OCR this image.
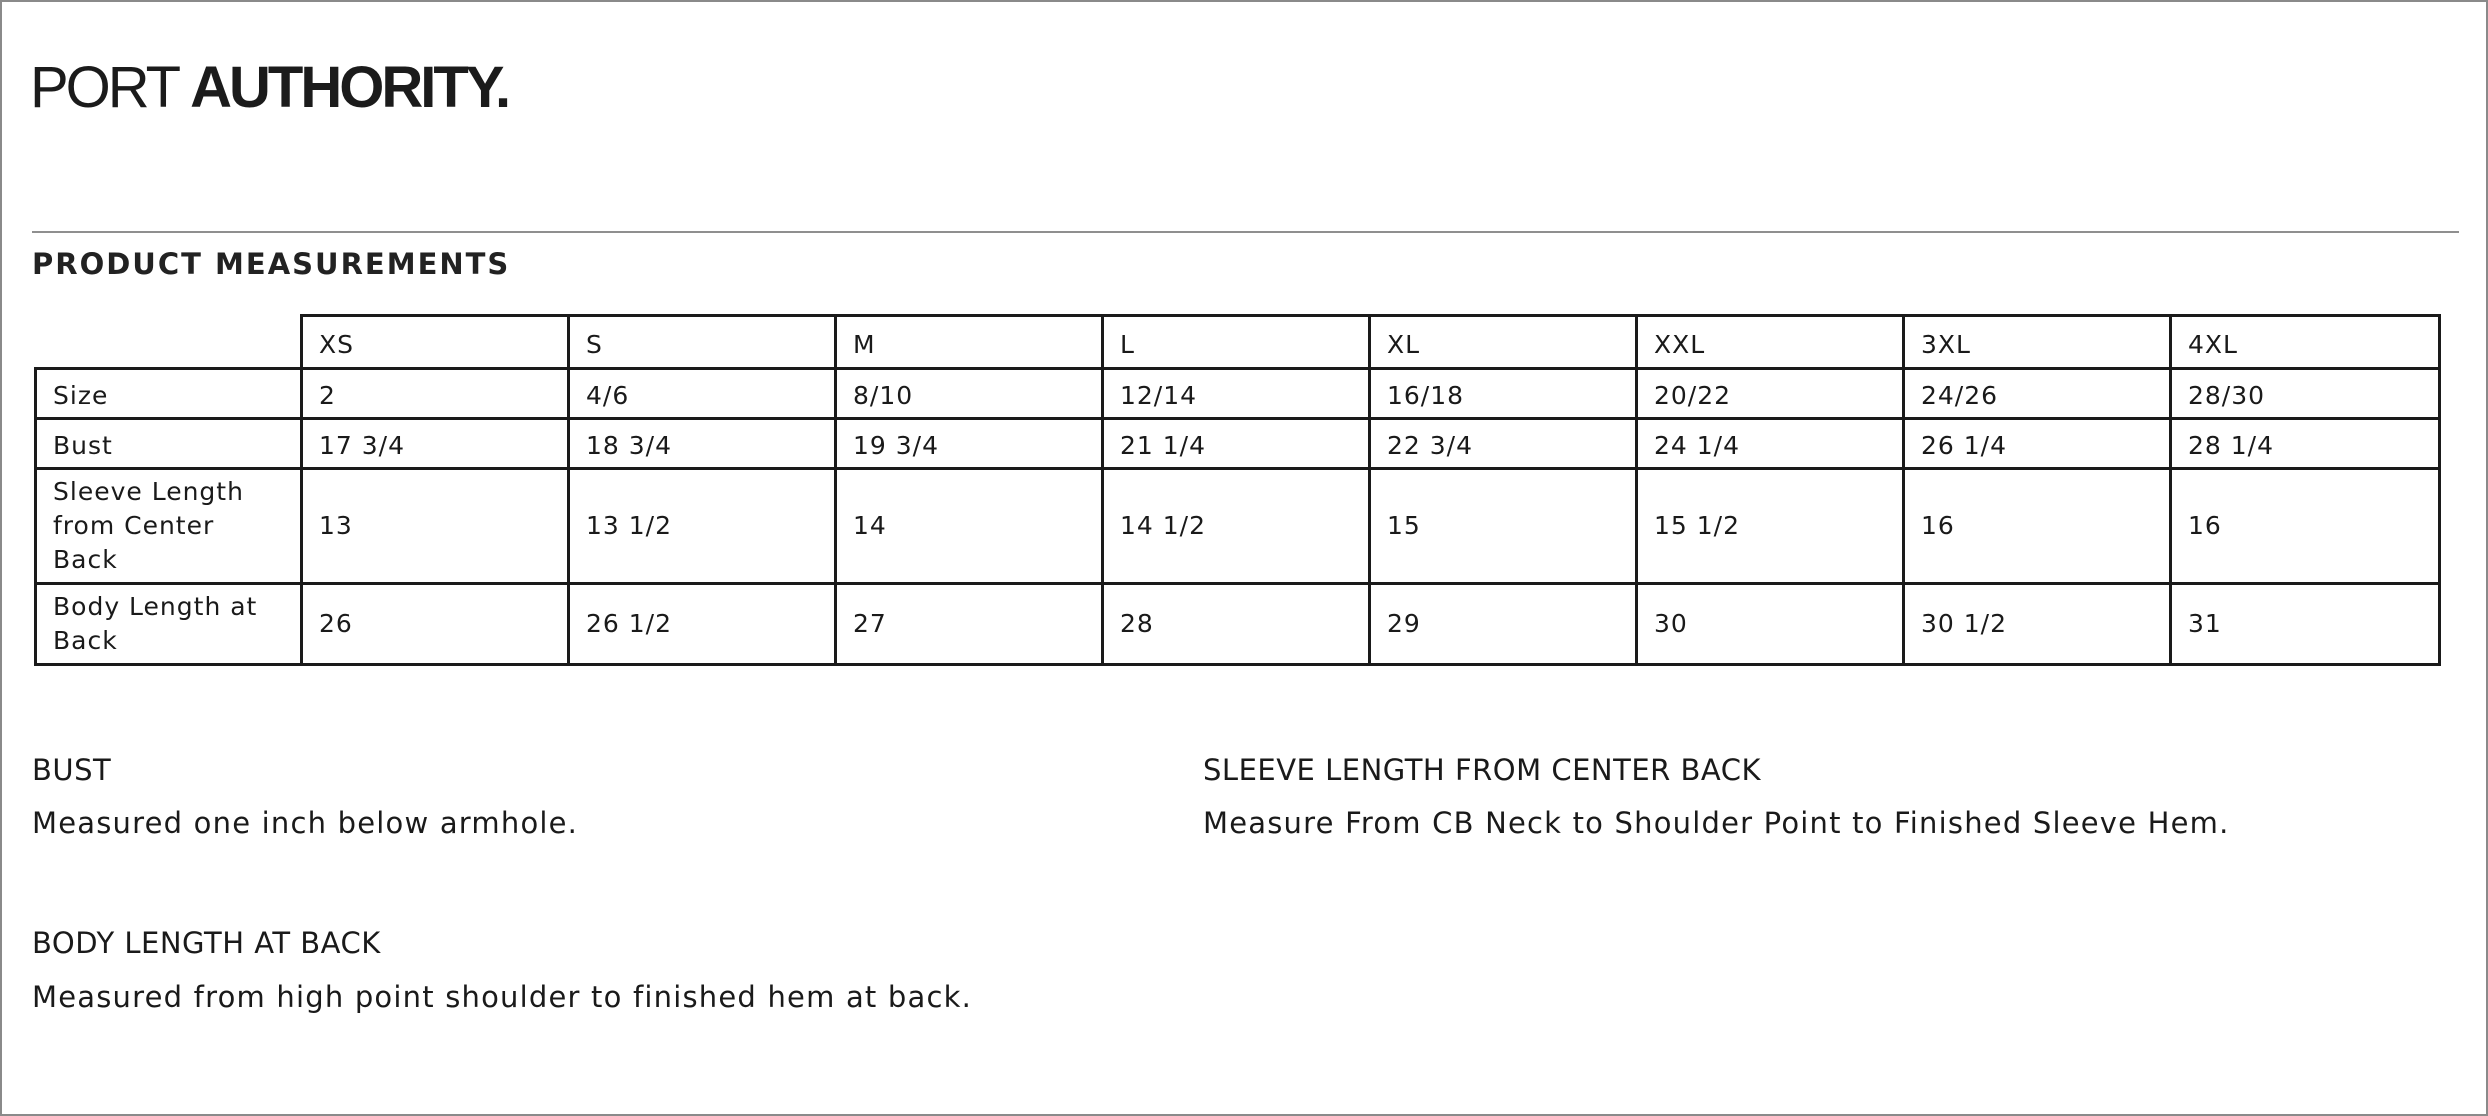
PORT AUTHORITY.
PRODUCT MEASUREMENTS
	XS	S	M	L	XL	XXL	3XL	4XL
Size	2	4/6	8/10	12/14	16/18	20/22	24/26	28/30
Bust	17 3/4	18 3/4	19 3/4	21 1/4	22 3/4	24 1/4	26 1/4	28 1/4
Sleeve Length
from Center
Back	13	13 1/2	14	14 1/2	15	15 1/2	16	16
Body Length at
Back	26	26 1/2	27	28	29	30	30 1/2	31
BUST
Measured one inch below armhole.
SLEEVE LENGTH FROM CENTER BACK
Measure From CB Neck to Shoulder Point to Finished Sleeve Hem.
BODY LENGTH AT BACK
Measured from high point shoulder to finished hem at back.
